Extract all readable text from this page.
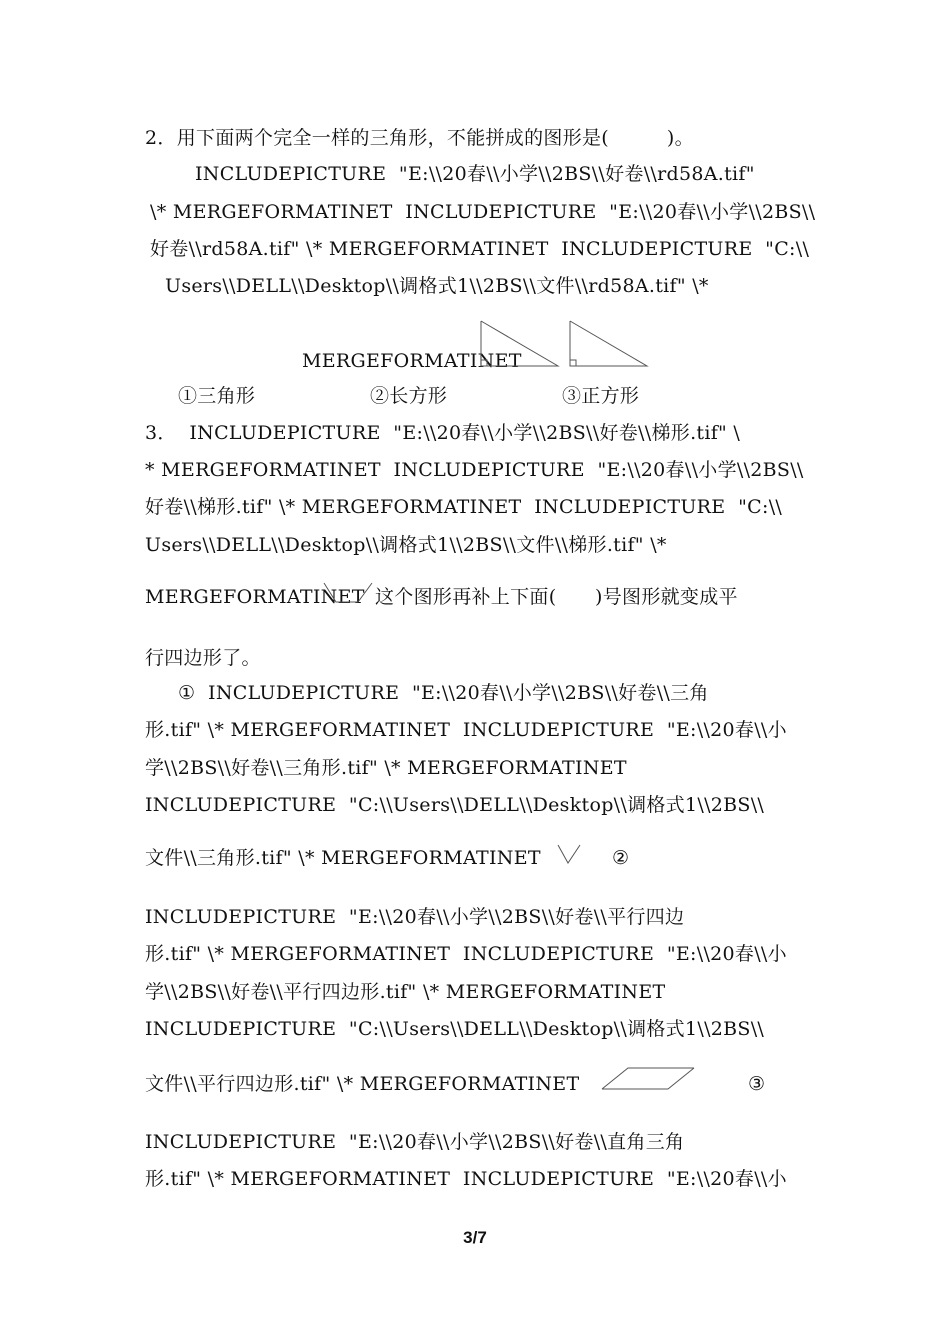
2．用下面两个完全一样的三角形，不能拼成的图形是(　　　)。
INCLUDEPICTURE  "E:\\20春\\小学\\2BS\\好卷\\rd58A.tif"
\* MERGEFORMATINET  INCLUDEPICTURE  "E:\\20春\\小学\\2BS\\
好卷\\rd58A.tif" \* MERGEFORMATINET  INCLUDEPICTURE  "C:\\
Users\\DELL\\Desktop\\调格式1\\2BS\\文件\\rd58A.tif" \*
MERGEFORMATINET
①三角形	②长方形	③正方形
3．  INCLUDEPICTURE  "E:\\20春\\小学\\2BS\\好卷\\梯形.tif" \
* MERGEFORMATINET  INCLUDEPICTURE  "E:\\20春\\小学\\2BS\\
好卷\\梯形.tif" \* MERGEFORMATINET  INCLUDEPICTURE  "C:\\
Users\\DELL\\Desktop\\调格式1\\2BS\\文件\\梯形.tif" \*
MERGEFORMATINET 这个图形再补上下面(　　)号图形就变成平
行四边形了。
①  INCLUDEPICTURE  "E:\\20春\\小学\\2BS\\好卷\\三角
形.tif" \* MERGEFORMATINET  INCLUDEPICTURE  "E:\\20春\\小
学\\2BS\\好卷\\三角形.tif" \* MERGEFORMATINET
INCLUDEPICTURE  "C:\\Users\\DELL\\Desktop\\调格式1\\2BS\\
文件\\三角形.tif" \* MERGEFORMATINET	②
INCLUDEPICTURE  "E:\\20春\\小学\\2BS\\好卷\\平行四边
形.tif" \* MERGEFORMATINET  INCLUDEPICTURE  "E:\\20春\\小
学\\2BS\\好卷\\平行四边形.tif" \* MERGEFORMATINET
INCLUDEPICTURE  "C:\\Users\\DELL\\Desktop\\调格式1\\2BS\\
文件\\平行四边形.tif" \* MERGEFORMATINET	③
INCLUDEPICTURE  "E:\\20春\\小学\\2BS\\好卷\\直角三角
形.tif" \* MERGEFORMATINET  INCLUDEPICTURE  "E:\\20春\\小
3/7
